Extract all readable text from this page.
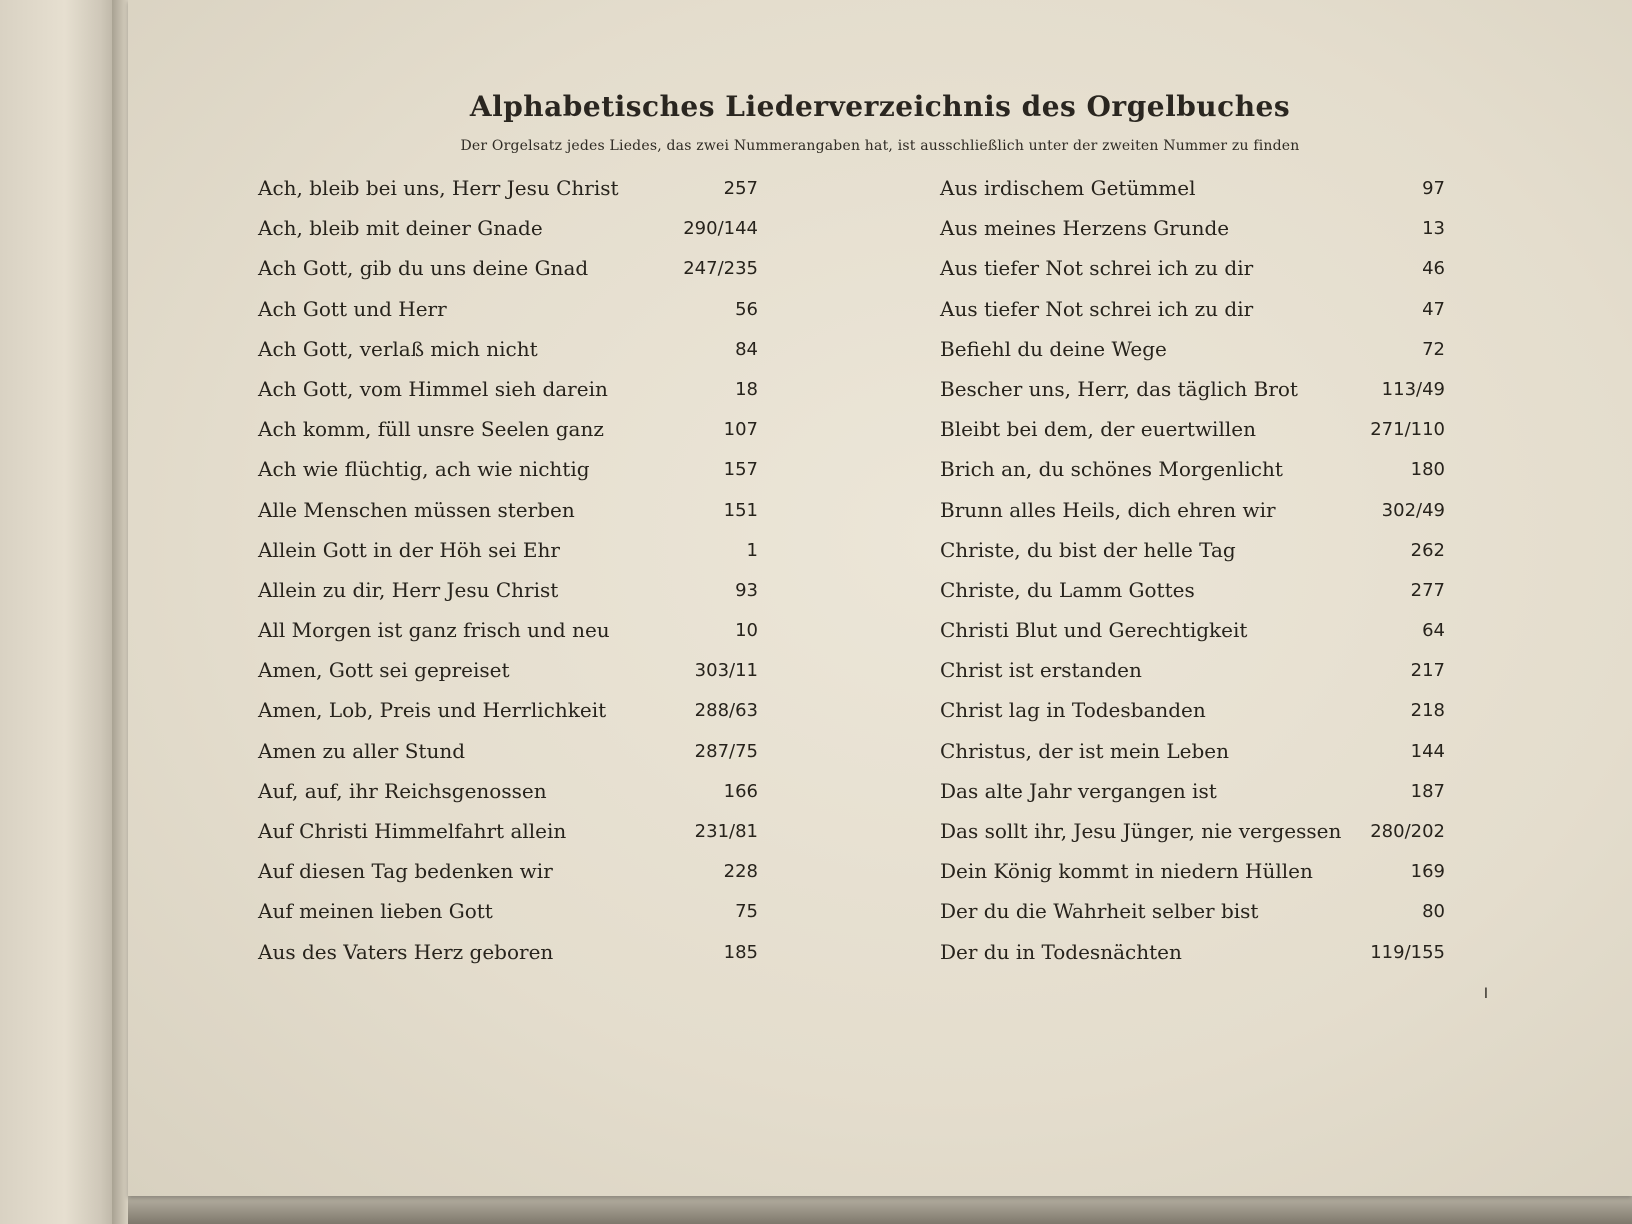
Alphabetisches Liederverzeichnis des Orgelbuches
Der Orgelsatz jedes Liedes, das zwei Nummerangaben hat, ist ausschließlich unter der zweiten Nummer zu finden
Ach, bleib bei uns, Herr Jesu Christ	257
Ach, bleib mit deiner Gnade	290/144
Ach Gott, gib du uns deine Gnad	247/235
Ach Gott und Herr	56
Ach Gott, verlaß mich nicht	84
Ach Gott, vom Himmel sieh darein	18
Ach komm, füll unsre Seelen ganz	107
Ach wie flüchtig, ach wie nichtig	157
Alle Menschen müssen sterben	151
Allein Gott in der Höh sei Ehr	1
Allein zu dir, Herr Jesu Christ	93
All Morgen ist ganz frisch und neu	10
Amen, Gott sei gepreiset	303/11
Amen, Lob, Preis und Herrlichkeit	288/63
Amen zu aller Stund	287/75
Auf, auf, ihr Reichsgenossen	166
Auf Christi Himmelfahrt allein	231/81
Auf diesen Tag bedenken wir	228
Auf meinen lieben Gott	75
Aus des Vaters Herz geboren	185
Aus irdischem Getümmel	97
Aus meines Herzens Grunde	13
Aus tiefer Not schrei ich zu dir	46
Aus tiefer Not schrei ich zu dir	47
Befiehl du deine Wege	72
Bescher uns, Herr, das täglich Brot	113/49
Bleibt bei dem, der euertwillen	271/110
Brich an, du schönes Morgenlicht	180
Brunn alles Heils, dich ehren wir	302/49
Christe, du bist der helle Tag	262
Christe, du Lamm Gottes	277
Christi Blut und Gerechtigkeit	64
Christ ist erstanden	217
Christ lag in Todesbanden	218
Christus, der ist mein Leben	144
Das alte Jahr vergangen ist	187
Das sollt ihr, Jesu Jünger, nie vergessen 280/202
Dein König kommt in niedern Hüllen	169
Der du die Wahrheit selber bist	80
Der du in Todesnächten	119/155
I
